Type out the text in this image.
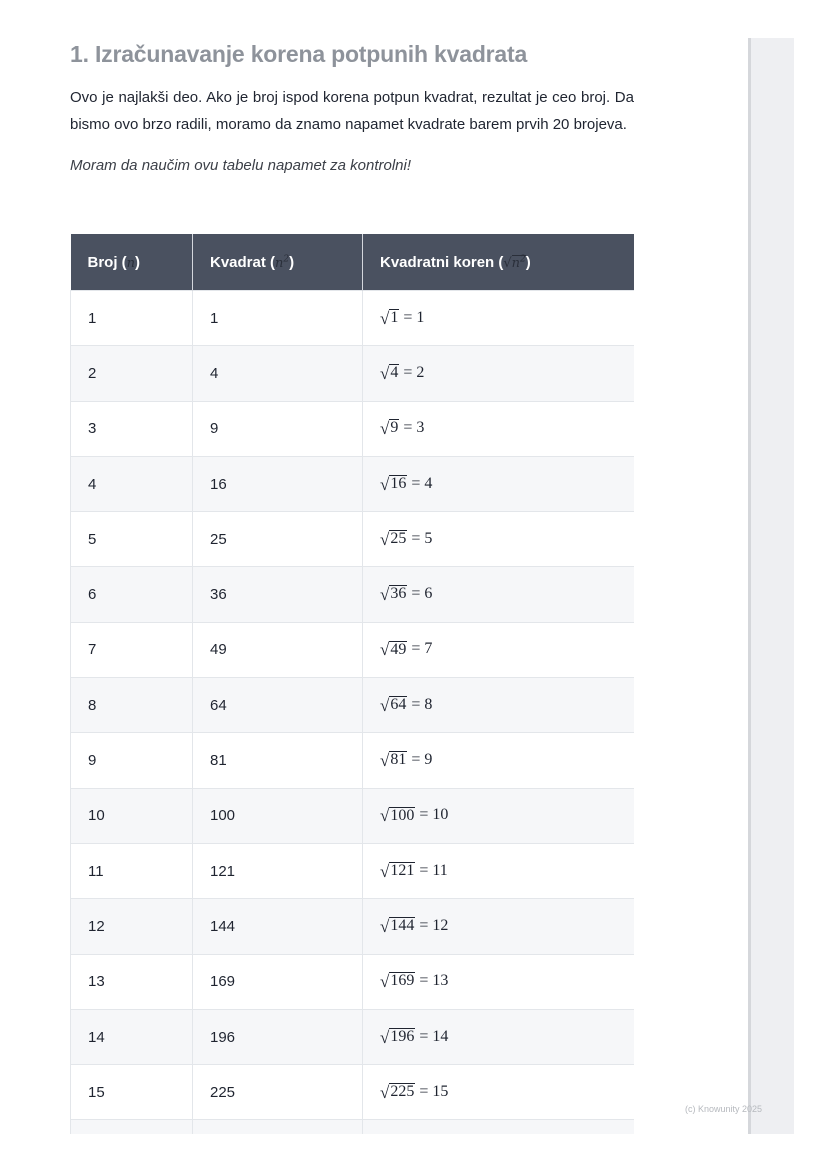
1. Izračunavanje korena potpunih kvadrata

Ovo je najlakši deo. Ako je broj ispod korena potpun kvadrat, rezultat je ceo broj. Da bismo ovo brzo radili, moramo da znamo napamet kvadrate barem prvih 20 brojeva.

Moram da naučim ovu tabelu napamet za kontrolni!

Broj (n)	Kvadrat $(n^2)$	Kvadratni koren $(√n^2)$
1	1	√ 1 = 1

2	4	√ 4 = 2

3	9	√ 9 = 3

4	16	√ 16 = 4

5	25	√ 25 = 5

6	36	√ 36 = 6

7	49	√ 49 = 7

8	64	√ 64 = 8

9	81	√ 81 = 9

10	100	√ 100 = 10

11	121	√ 121 = 11

12	144	√ 144 = 12

13	169	√ 169 = 13

14	196	√ 196 = 14

15	225	√ 225 = 15

(c) Knowunity 2025
